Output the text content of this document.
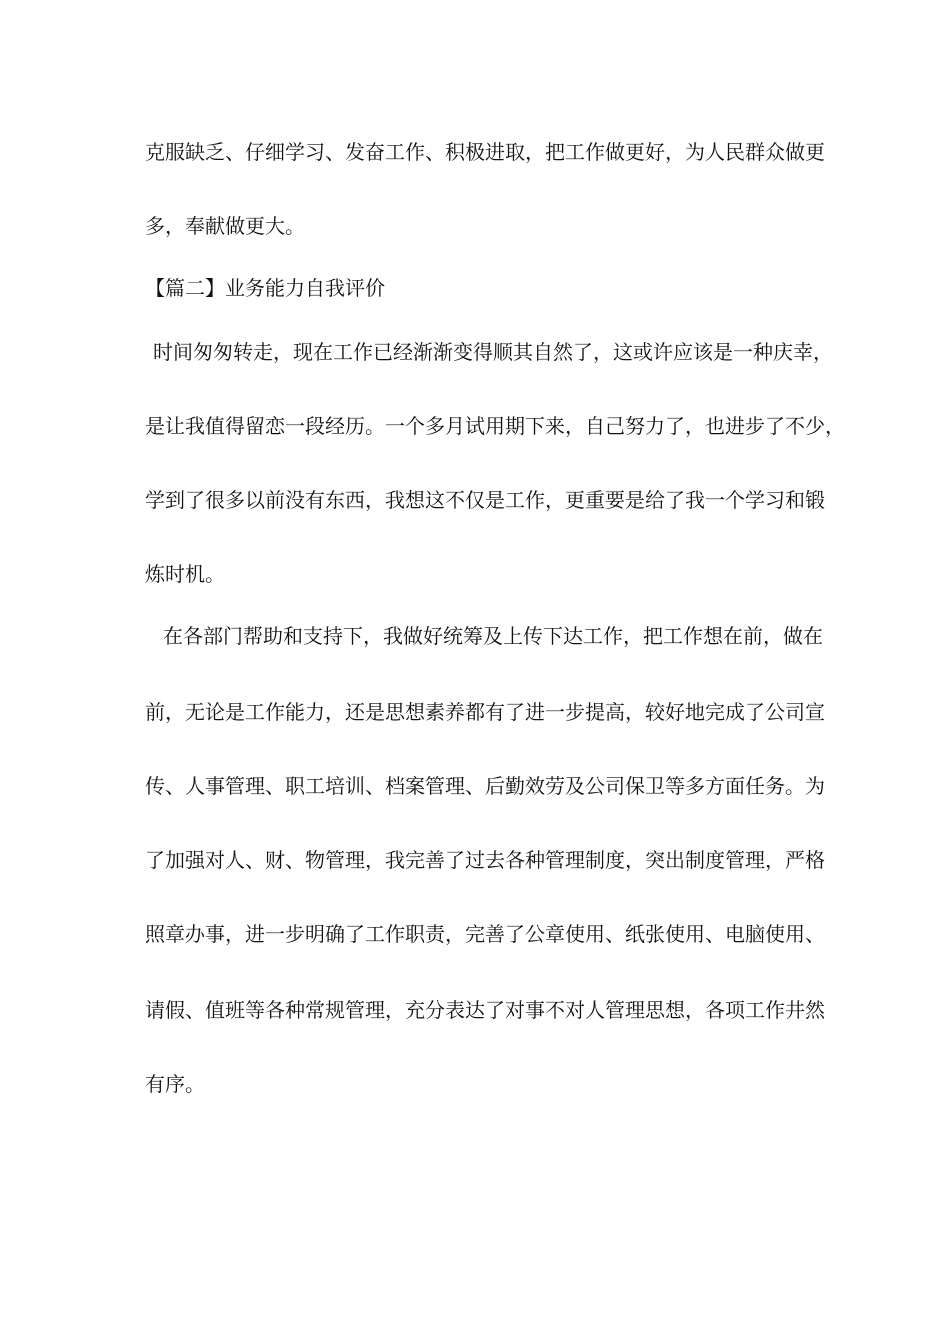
克服缺乏、仔细学习、发奋工作、积极进取，把工作做更好，为人民群众做更
多，奉献做更大。
【篇二】业务能力自我评价
时间匆匆转走，现在工作已经渐渐变得顺其自然了，这或许应该是一种庆幸，
是让我值得留恋一段经历。一个多月试用期下来，自己努力了，也进步了不少，
学到了很多以前没有东西，我想这不仅是工作，更重要是给了我一个学习和锻
炼时机。
在各部门帮助和支持下，我做好统筹及上传下达工作，把工作想在前，做在
前，无论是工作能力，还是思想素养都有了进一步提高，较好地完成了公司宣
传、人事管理、职工培训、档案管理、后勤效劳及公司保卫等多方面任务。为
了加强对人、财、物管理，我完善了过去各种管理制度，突出制度管理，严格
照章办事，进一步明确了工作职责，完善了公章使用、纸张使用、电脑使用、
请假、值班等各种常规管理，充分表达了对事不对人管理思想，各项工作井然
有序。
